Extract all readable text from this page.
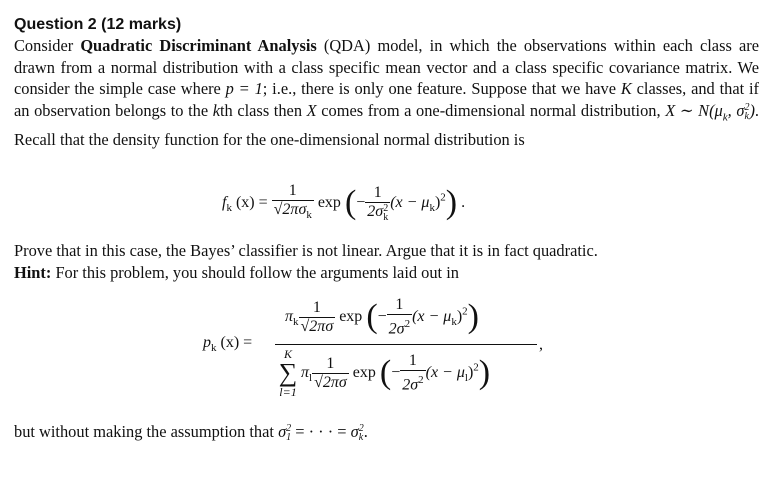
Question 2 (12 marks)

Consider Quadratic Discriminant Analysis (QDA) model, in which the observations within each class are drawn from a normal distribution with a class specific mean vector and a class specific covariance matrix. We consider the simple case where p = 1; i.e., there is only one feature. Suppose that we have K classes, and that if an observation belongs to the kth class then X comes from a one-dimensional normal distribution, X ∼ $N(\mu_k$, σ 2
k ). Recall that the density function for the one-dimensional normal distribution is

$f_k$ $(x) = \frac{1}{√2\pi\sigma_k}$ exp (− 1
2σ 2
k $(x - \mu_k)^2$) .
Prove that in this case, the Bayes’ classifier is not linear. Argue that it is in fact quadratic.
Hint: For this problem, you should follow the arguments laid out in
$p_k$ (x) =
$\pi_k \frac{1}{√2\pi\sigma}$ exp (− $\frac{1}{2\sigma^2} (x - \mu_k)^2$)
K
∑
l=1
$\pi_l \frac{1}{√2\pi\sigma}$ exp (− $\frac{1}{2\sigma^2} (x - \mu_l)^2$)
,
but without making the assumption that σ 2
1 = · · · = σ 2
k .
